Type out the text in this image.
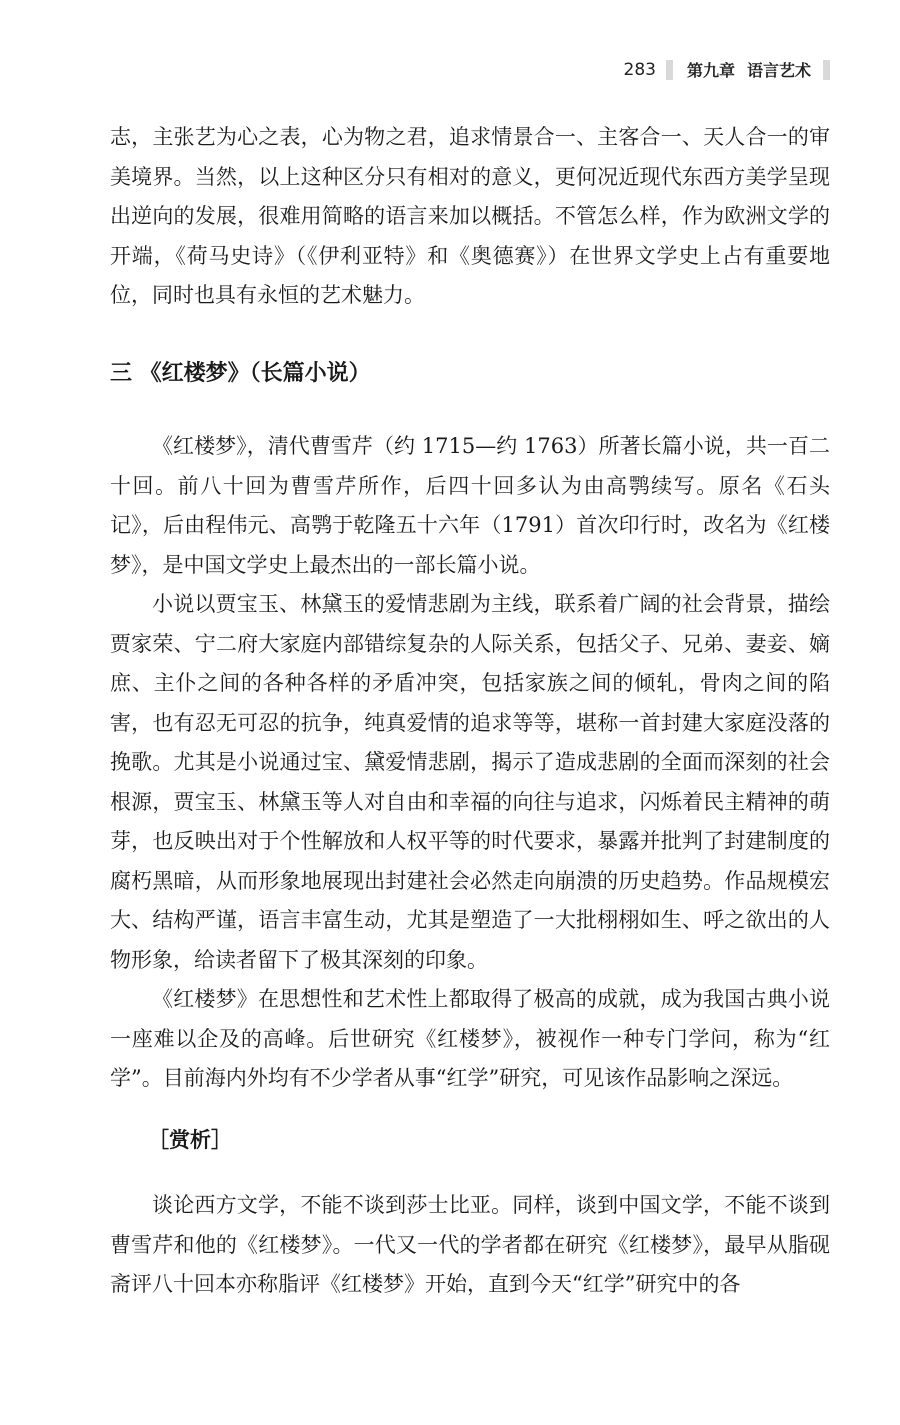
283 第九章 语言艺术

志，主张艺为心之表，心为物之君，追求情景合一、主客合一、天人合一的审美境界。当然，以上这种区分只有相对的意义，更何况近现代东西方美学呈现出逆向的发展，很难用简略的语言来加以概括。不管怎么样，作为欧洲文学的开端，《荷马史诗》（《伊利亚特》和《奥德赛》）在世界文学史上占有重要地位，同时也具有永恒的艺术魅力。

三 《红楼梦》（长篇小说）

《红楼梦》，清代曹雪芹（约 1715—约 1763）所著长篇小说，共一百二十回。前八十回为曹雪芹所作，后四十回多认为由高鹗续写。原名《石头记》，后由程伟元、高鹗于乾隆五十六年（1791）首次印行时，改名为《红楼梦》，是中国文学史上最杰出的一部长篇小说。

小说以贾宝玉、林黛玉的爱情悲剧为主线，联系着广阔的社会背景，描绘贾家荣、宁二府大家庭内部错综复杂的人际关系，包括父子、兄弟、妻妾、嫡庶、主仆之间的各种各样的矛盾冲突，包括家族之间的倾轧，骨肉之间的陷害，也有忍无可忍的抗争，纯真爱情的追求等等，堪称一首封建大家庭没落的挽歌。尤其是小说通过宝、黛爱情悲剧，揭示了造成悲剧的全面而深刻的社会根源，贾宝玉、林黛玉等人对自由和幸福的向往与追求，闪烁着民主精神的萌芽，也反映出对于个性解放和人权平等的时代要求，暴露并批判了封建制度的腐朽黑暗，从而形象地展现出封建社会必然走向崩溃的历史趋势。作品规模宏大、结构严谨，语言丰富生动，尤其是塑造了一大批栩栩如生、呼之欲出的人物形象，给读者留下了极其深刻的印象。

《红楼梦》在思想性和艺术性上都取得了极高的成就，成为我国古典小说一座难以企及的高峰。后世研究《红楼梦》，被视作一种专门学问，称为“红学”。目前海内外均有不少学者从事“红学”研究，可见该作品影响之深远。

［赏析］

谈论西方文学，不能不谈到莎士比亚。同样，谈到中国文学，不能不谈到曹雪芹和他的《红楼梦》。一代又一代的学者都在研究《红楼梦》，最早从脂砚斋评八十回本亦称脂评《红楼梦》开始，直到今天“红学”研究中的各
